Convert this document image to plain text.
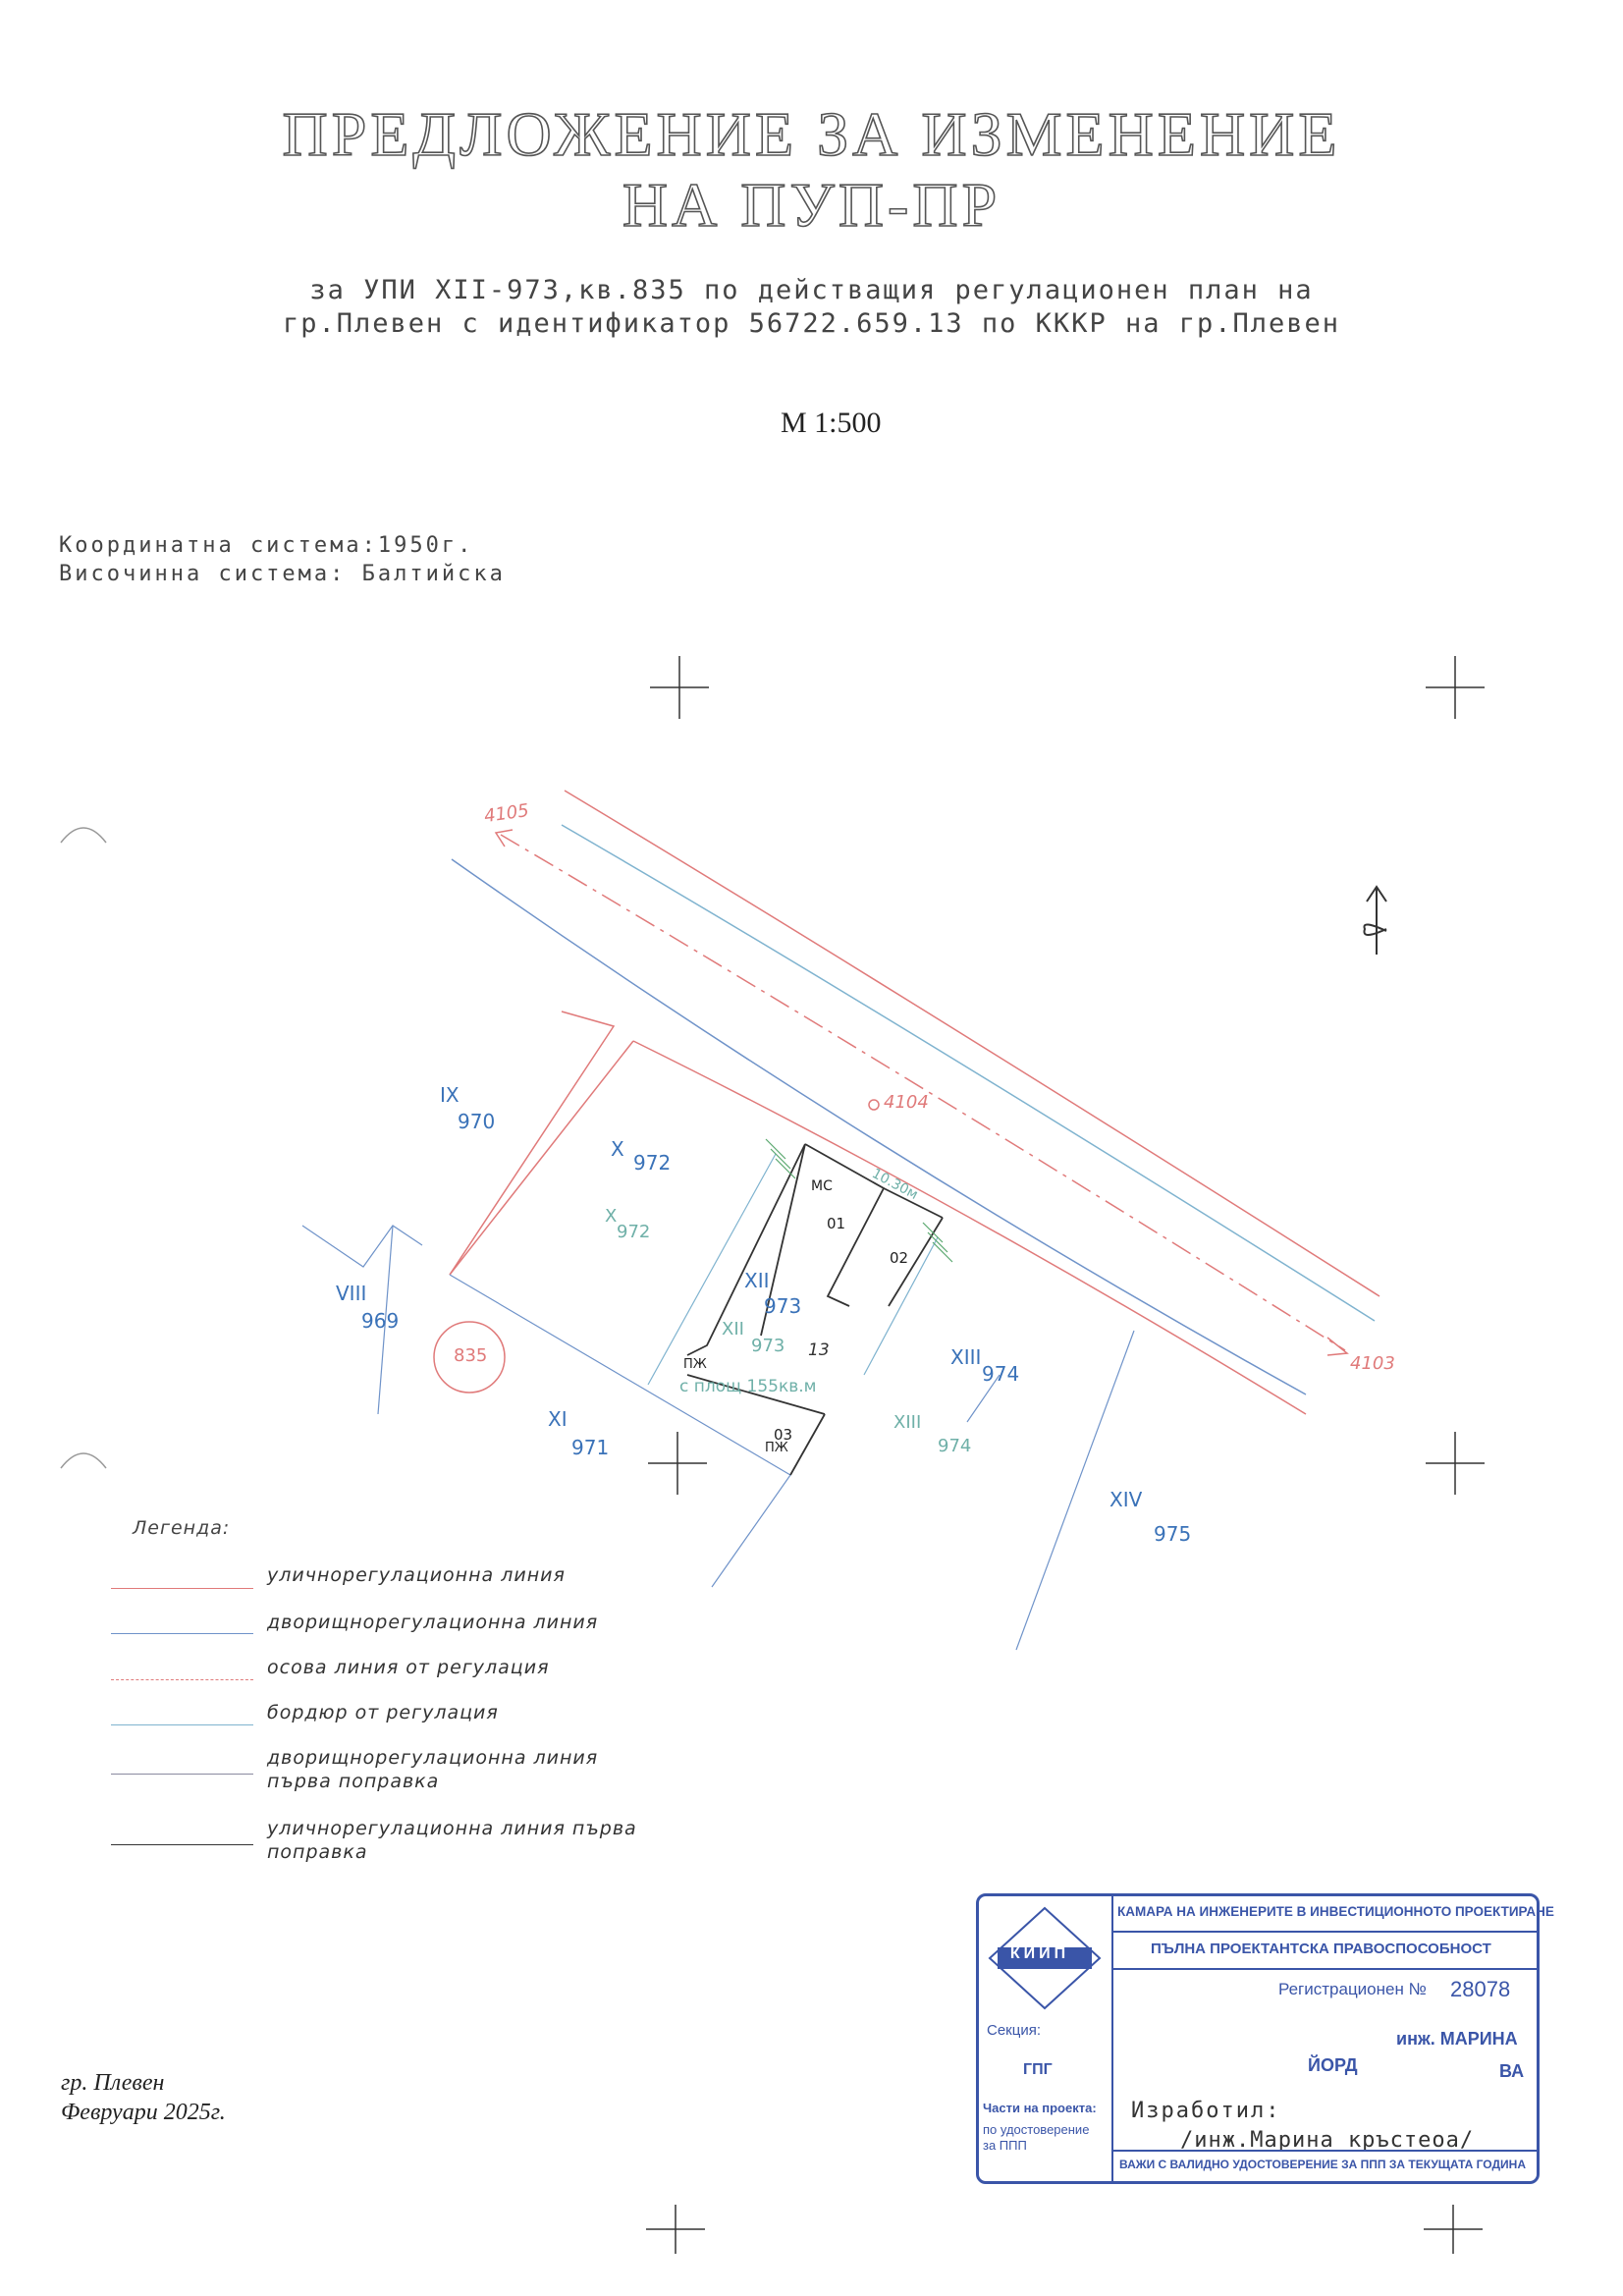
ПРЕДЛОЖЕНИЕ ЗА ИЗМЕНЕНИЕ
НА ПУП-ПР
за УПИ XII-973,кв.835 по действащия рeгулационен план на
гр.Плевен с идентификатор 56722.659.13 по КККР на гр.Плевен
М 1:500
Координатна система:1950г.
Височинна система: Балтийска
4105
4104
4103
835
IX
970
X
972
X
972
VIII
969
XII
973
XII
973	XIII
974
XIII
974
XI
971
XIV
975
МС
01
02
ПЖ
03
ПЖ
13
с площ 155кв.м
10.30м
Легенда:
уличнорегулационна линия
дворищнорегулационна линия
осова линия от регулация
бордюр от регулация
дворищнорегулационна линия първа поправка
уличнорегулационна линия първа поправка
гр. Плевен
Февруари 2025г.
КИИП
Секция:
ГПГ
Части на проекта:
по удостоверение за ППП
КАМАРА НА ИНЖЕНЕРИТЕ В ИНВЕСТИЦИОННОТО ПРОЕКТИРАНЕ
ПЪЛНА ПРОЕКТАНТСКА ПРАВОСПОСОБНОСТ
Регистрационен № 28078
инж. МАРИНА
ЙОРД	ВА
Изработил:
/инж.Марина кръстеоа/
ВАЖИ С ВАЛИДНО УДОСТОВЕРЕНИЕ ЗА ППП ЗА ТЕКУЩАТА ГОДИНА
